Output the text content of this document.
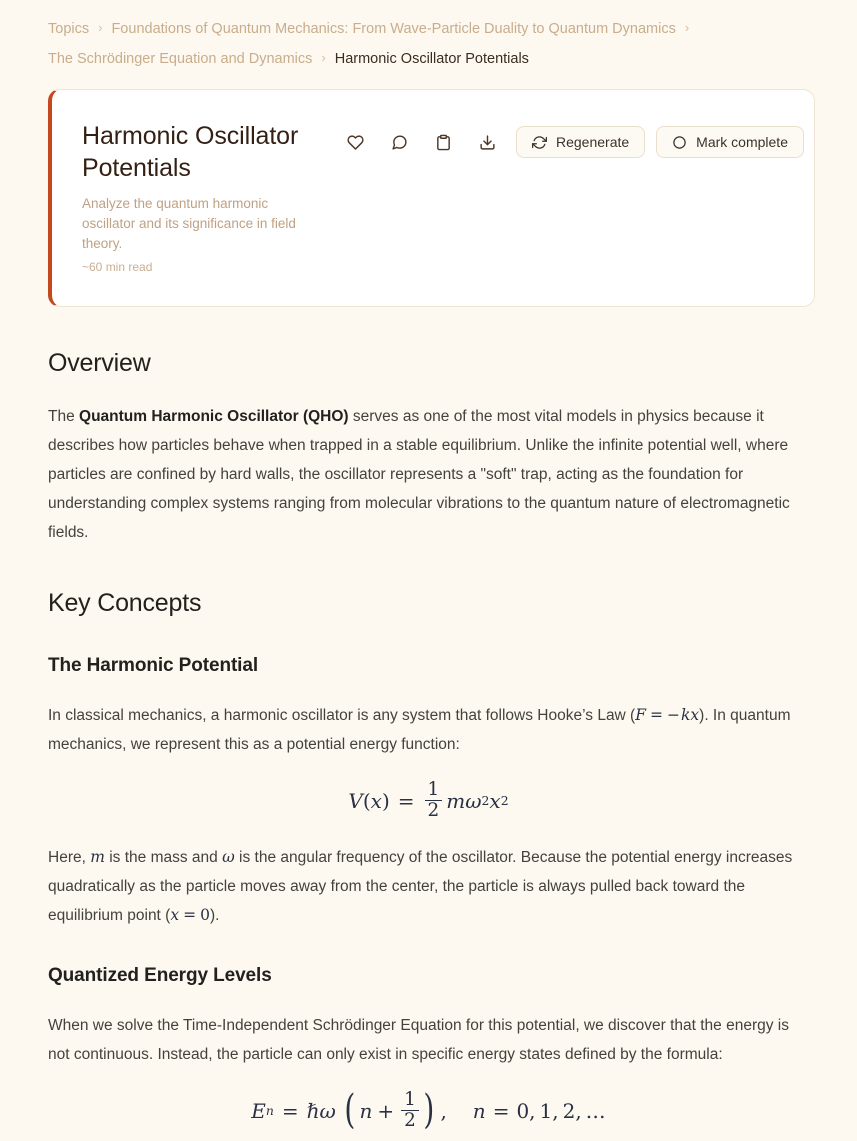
Topics › Foundations of Quantum Mechanics: From Wave-Particle Duality to Quantum Dynamics ›The Schrödinger Equation and Dynamics › Harmonic Oscillator Potentials
Harmonic Oscillator Potentials

Analyze the quantum harmonic oscillator and its significance in field theory.

~60 min read
Regenerate	Mark complete
Overview

The Quantum Harmonic Oscillator (QHO) serves as one of the most vital models in physics because it describes how particles behave when trapped in a stable equilibrium. Unlike the infinite potential well, where particles are confined by hard walls, the oscillator represents a "soft" trap, acting as the foundation for understanding complex systems ranging from molecular vibrations to the quantum nature of electromagnetic fields.

Key Concepts
The Harmonic Potential

In classical mechanics, a harmonic oscillator is any system that follows Hooke’s Law (F = −kx). In quantum mechanics, we represent this as a potential energy function:

V ( x ) = $\frac{1}{2}$ m ω 2 x 2

Here, m is the mass and ω is the angular frequency of the oscillator. Because the potential energy increases quadratically as the particle moves away from the center, the particle is always pulled back toward the equilibrium point (x = 0).

Quantized Energy Levels

When we solve the Time-Independent Schrödinger Equation for this potential, we discover that the energy is not continuous. Instead, the particle can only exist in specific energy states defined by the formula:

E n = ℏ ω ( $n + \frac{1}{2}$ ) , n = 0, 1, 2, …
